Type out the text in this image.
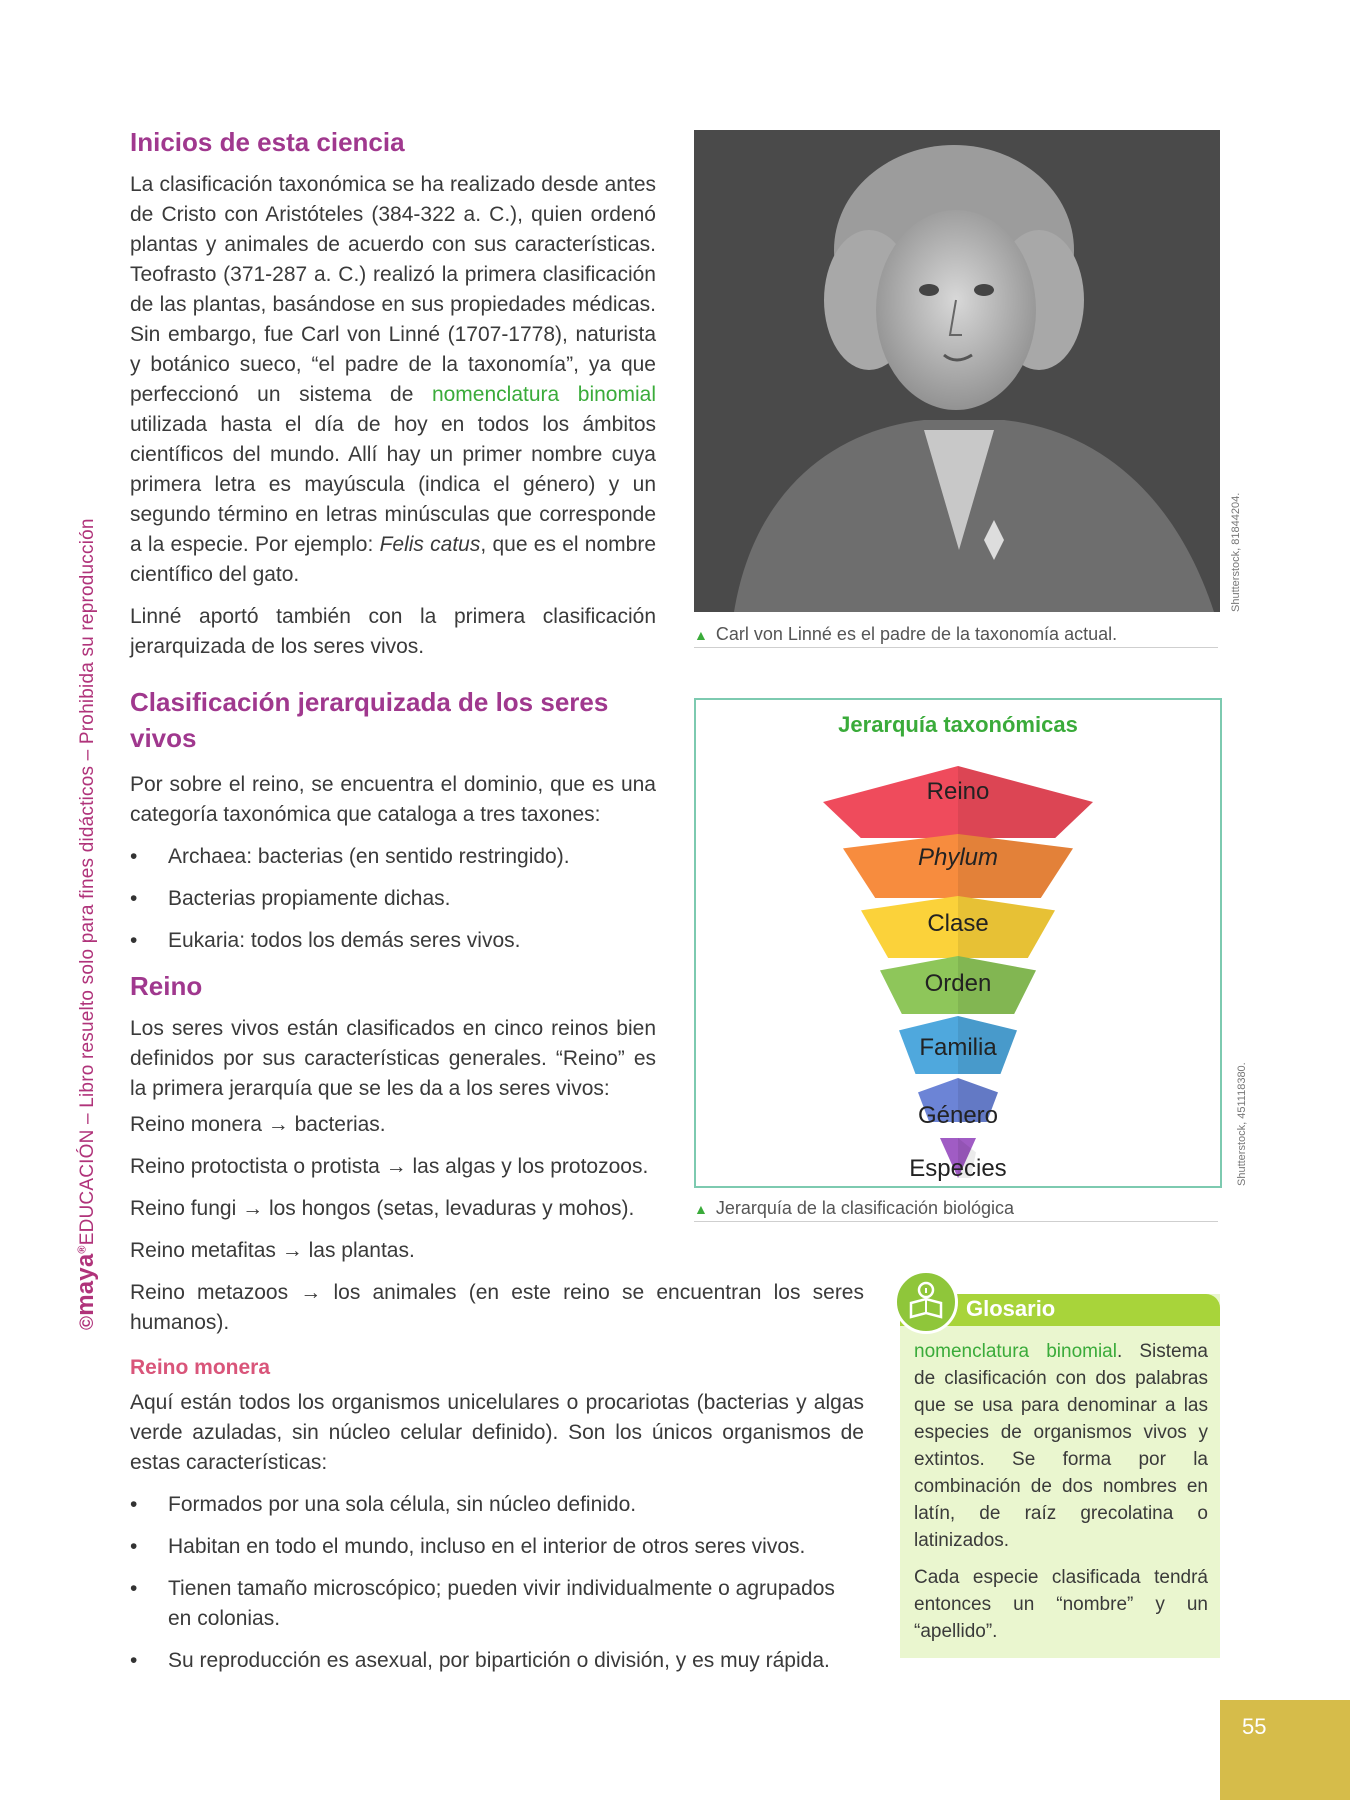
©maya®EDUCACIÓN – Libro resuelto solo para fines didácticos – Prohibida su reproducción
Inicios de esta ciencia

La clasificación taxonómica se ha realizado desde antes de Cristo con Aristóteles (384-322 a. C.), quien ordenó plantas y animales de acuerdo con sus características. Teofrasto (371-287 a. C.) realizó la primera clasificación de las plantas, basándose en sus propiedades médicas. Sin embargo, fue Carl von Linné (1707-1778), naturista y botánico sueco, “el padre de la taxonomía”, ya que perfeccionó un sistema de nomenclatura binomial utilizada hasta el día de hoy en todos los ámbitos científicos del mundo. Allí hay un primer nombre cuya primera letra es mayúscula (indica el género) y un segundo término en letras minúsculas que corresponde a la especie. Por ejemplo: Felis catus, que es el nombre científico del gato.

Linné aportó también con la primera clasificación jerarquizada de los seres vivos.

Clasificación jerarquizada de los seres vivos

Por sobre el reino, se encuentra el dominio, que es una categoría taxonómica que cataloga a tres taxones:

• Archaea: bacterias (en sentido restringido).
• Bacterias propiamente dichas.
• Eukaria: todos los demás seres vivos.
Reino

Los seres vivos están clasificados en cinco reinos bien definidos por sus características generales. “Reino” es la primera jerarquía que se les da a los seres vivos:

Reino monera → bacterias.

Reino protoctista o protista → las algas y los protozoos.

Reino fungi → los hongos (setas, levaduras y mohos).

Reino metafitas → las plantas.

Reino metazoos → los animales (en este reino se encuentran los seres humanos).

Reino monera

Aquí están todos los organismos unicelulares o procariotas (bacterias y algas verde azuladas, sin núcleo celular definido). Son los únicos organismos de estas características:

• Formados por una sola célula, sin núcleo definido.
• Habitan en todo el mundo, incluso en el interior de otros seres vivos.
• Tienen tamaño microscópico; pueden vivir individualmente o agrupados en colonias.
• Su reproducción es asexual, por bipartición o división, y es muy rápida.
Shutterstock, 81844204.
▲ Carl von Linné es el padre de la taxonomía actual.
Jerarquía taxonómicas
Reino
Phylum
Clase
Orden
Familia
Género
Especies	Shutterstock, 451118380.
▲ Jerarquía de la clasificación biológica
Glosario

nomenclatura binomial. Sistema de clasificación con dos palabras que se usa para denominar a las especies de organismos vivos y extintos. Se forma por la combinación de dos nombres en latín, de raíz grecolatina o latinizados.

Cada especie clasificada tendrá entonces un “nombre” y un “apellido”.

55
